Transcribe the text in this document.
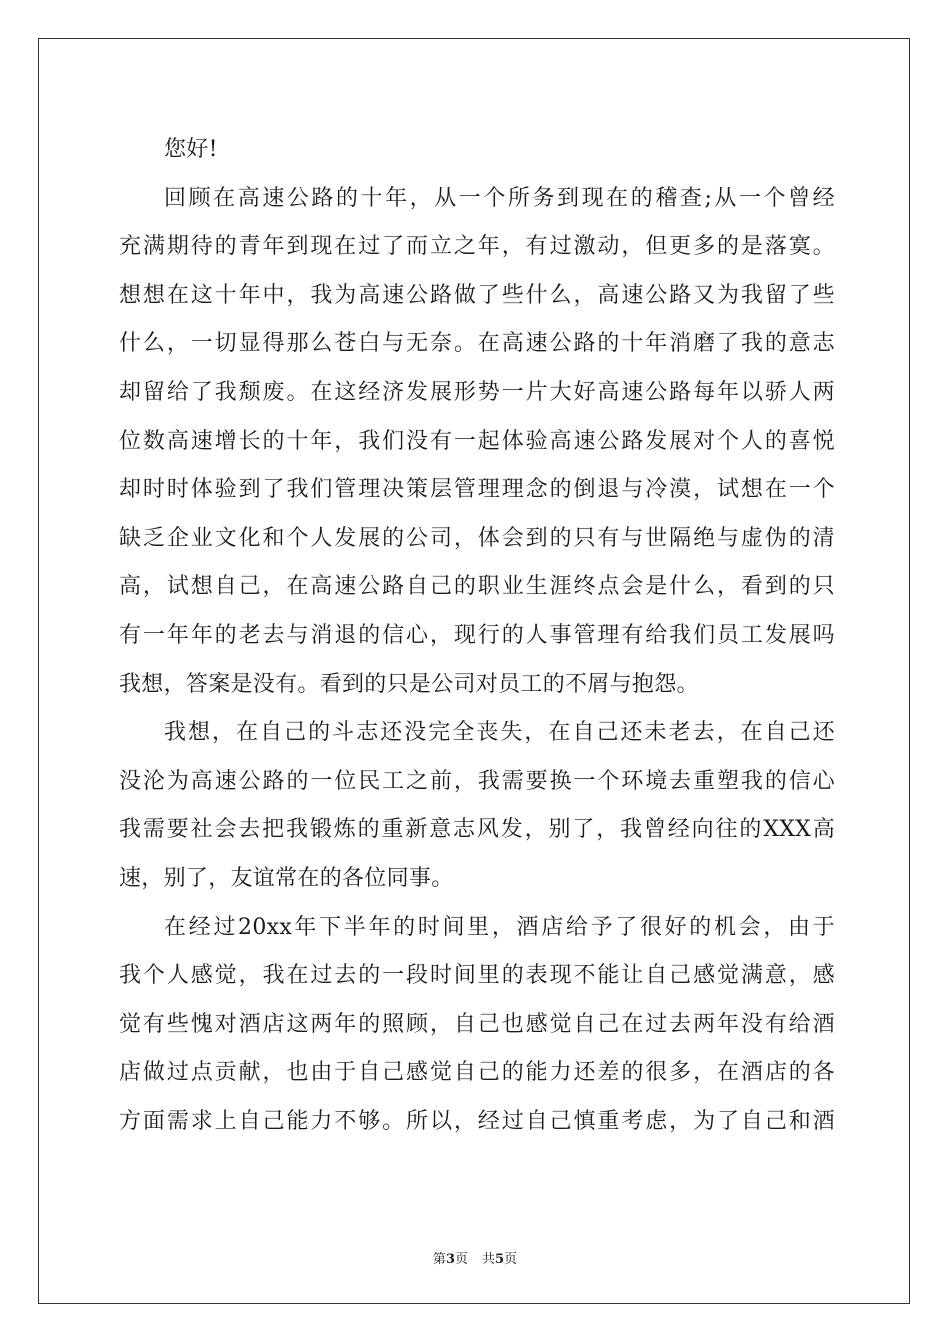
您好!
回顾在高速公路的十年，从一个所务到现在的稽查;从一个曾经
充满期待的青年到现在过了而立之年，有过激动，但更多的是落寞。
想想在这十年中，我为高速公路做了些什么，高速公路又为我留了些
什么，一切显得那么苍白与无奈。在高速公路的十年消磨了我的意志
却留给了我颓废。在这经济发展形势一片大好高速公路每年以骄人两
位数高速增长的十年，我们没有一起体验高速公路发展对个人的喜悦
却时时体验到了我们管理决策层管理理念的倒退与冷漠，试想在一个
缺乏企业文化和个人发展的公司，体会到的只有与世隔绝与虚伪的清
高，试想自己，在高速公路自己的职业生涯终点会是什么，看到的只
有一年年的老去与消退的信心，现行的人事管理有给我们员工发展吗
我想，答案是没有。看到的只是公司对员工的不屑与抱怨。
我想，在自己的斗志还没完全丧失，在自己还未老去，在自己还
没沦为高速公路的一位民工之前，我需要换一个环境去重塑我的信心
我需要社会去把我锻炼的重新意志风发，别了，我曾经向往的XXX高
速，别了，友谊常在的各位同事。
在经过20xx年下半年的时间里，酒店给予了很好的机会，由于
我个人感觉，我在过去的一段时间里的表现不能让自己感觉满意，感
觉有些愧对酒店这两年的照顾，自己也感觉自己在过去两年没有给酒
店做过点贡献，也由于自己感觉自己的能力还差的很多，在酒店的各
方面需求上自己能力不够。所以，经过自己慎重考虑，为了自己和酒
第3页 共5页
